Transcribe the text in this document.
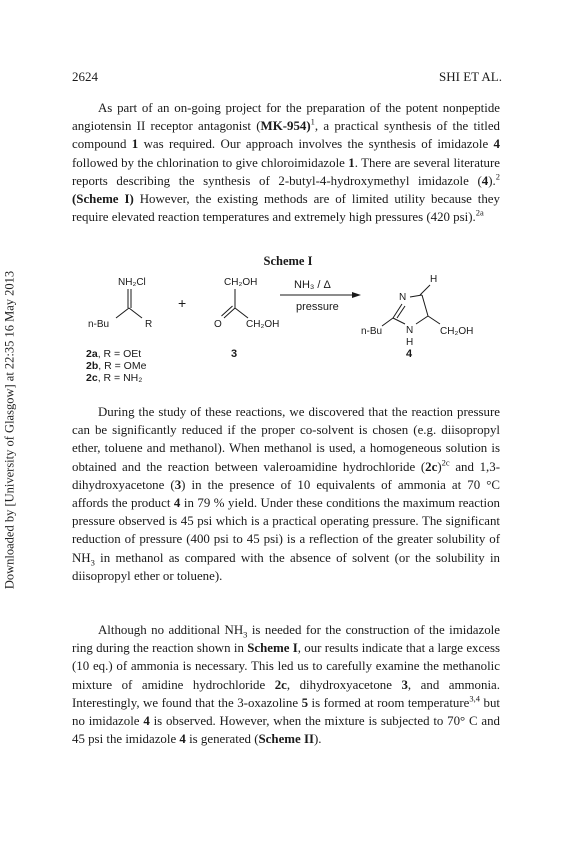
Downloaded by [University of Glasgow] at 22:35 16 May 2013
2624	SHI ET AL.

As part of an on-going project for the preparation of the potent nonpeptide angiotensin II receptor antagonist $(MK-954)^1$, a practical synthesis of the titled compound 1 was required. Our approach involves the synthesis of imidazole 4 followed by the chlorination to give chloroimidazole 1. There are several literature reports describing the synthesis of 2-butyl-4-hydroxymethyl imidazole (4).$^2$ (Scheme I) However, the existing methods are of limited utility because they require elevated reaction temperatures and extremely high pressures (420 psi).$^{2a}$

Scheme I
NH₂Cl
n-Bu	R
+
CH₂OH
O CH₂OH
NH₃ / Δ
pressure
H
N
n-Bu N
H
CH₂OH
2a, R = OEt
2b, R = OMe
2c, R = NH₂
3	4

During the study of these reactions, we discovered that the reaction pressure can be significantly reduced if the proper co-solvent is chosen (e.g. diisopropyl ether, toluene and methanol). When methanol is used, a homogeneous solution is obtained and the reaction between valeroamidine hydrochloride $(2c)^{2c}$ and 1,3-dihydroxyacetone (3) in the presence of 10 equivalents of ammonia at 70 °C affords the product 4 in 79 % yield. Under these conditions the maximum reaction pressure observed is 45 psi which is a practical operating pressure. The significant reduction of pressure (400 psi to 45 psi) is a reflection of the greater solubility of $NH_3$ in methanol as compared with the absence of solvent (or the solubility in diisopropyl ether or toluene).

Although no additional $NH_3$ is needed for the construction of the imidazole ring during the reaction shown in Scheme I, our results indicate that a large excess (10 eq.) of ammonia is necessary. This led us to carefully examine the methanolic mixture of amidine hydrochloride 2c, dihydroxyacetone 3, and ammonia. Interestingly, we found that the 3-oxazoline 5 is formed at room temperature$^{3,4}$ but no imidazole 4 is observed. However, when the mixture is subjected to 70° C and 45 psi the imidazole 4 is generated (Scheme II).
